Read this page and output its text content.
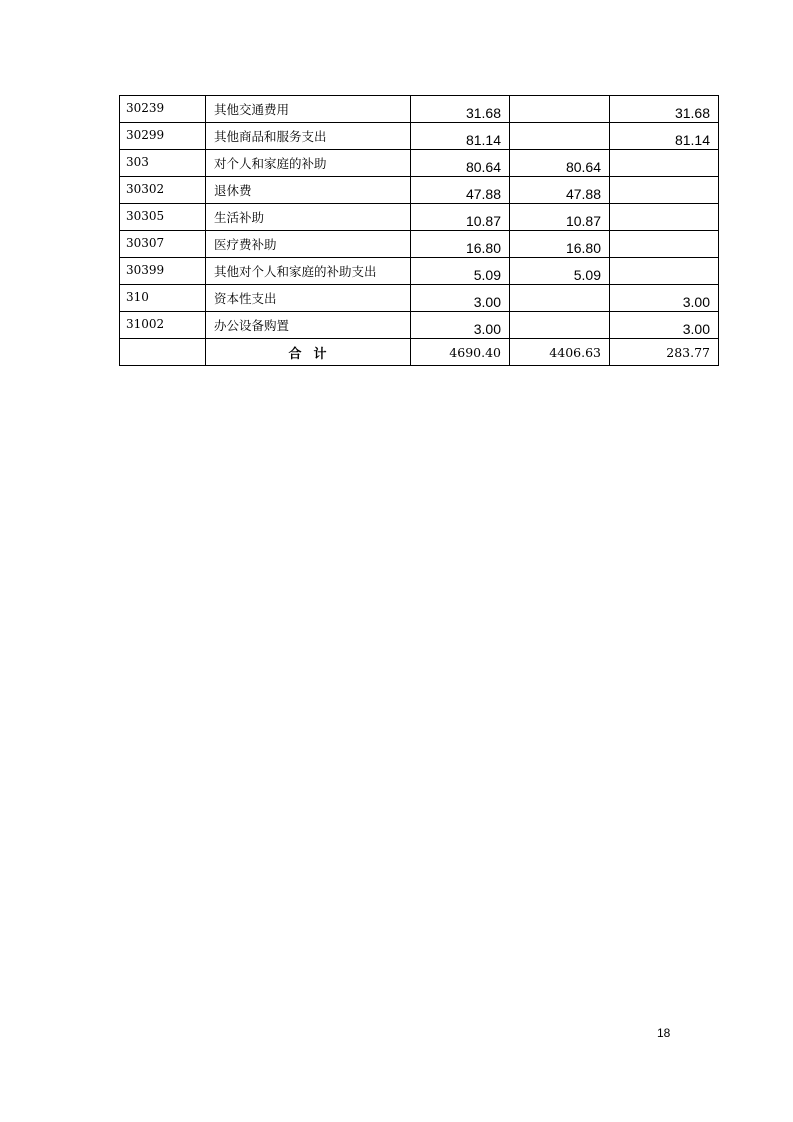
30239	其他交通费用	31.68		31.68
30299	其他商品和服务支出	81.14		81.14
303	对个人和家庭的补助	80.64	80.64	
30302	退休费	47.88	47.88	
30305	生活补助	10.87	10.87	
30307	医疗费补助	16.80	16.80	
30399	其他对个人和家庭的补助支出	5.09	5.09	
310	资本性支出	3.00		3.00
31002	办公设备购置	3.00		3.00
	合  计	4690.40	4406.63	283.77
18
